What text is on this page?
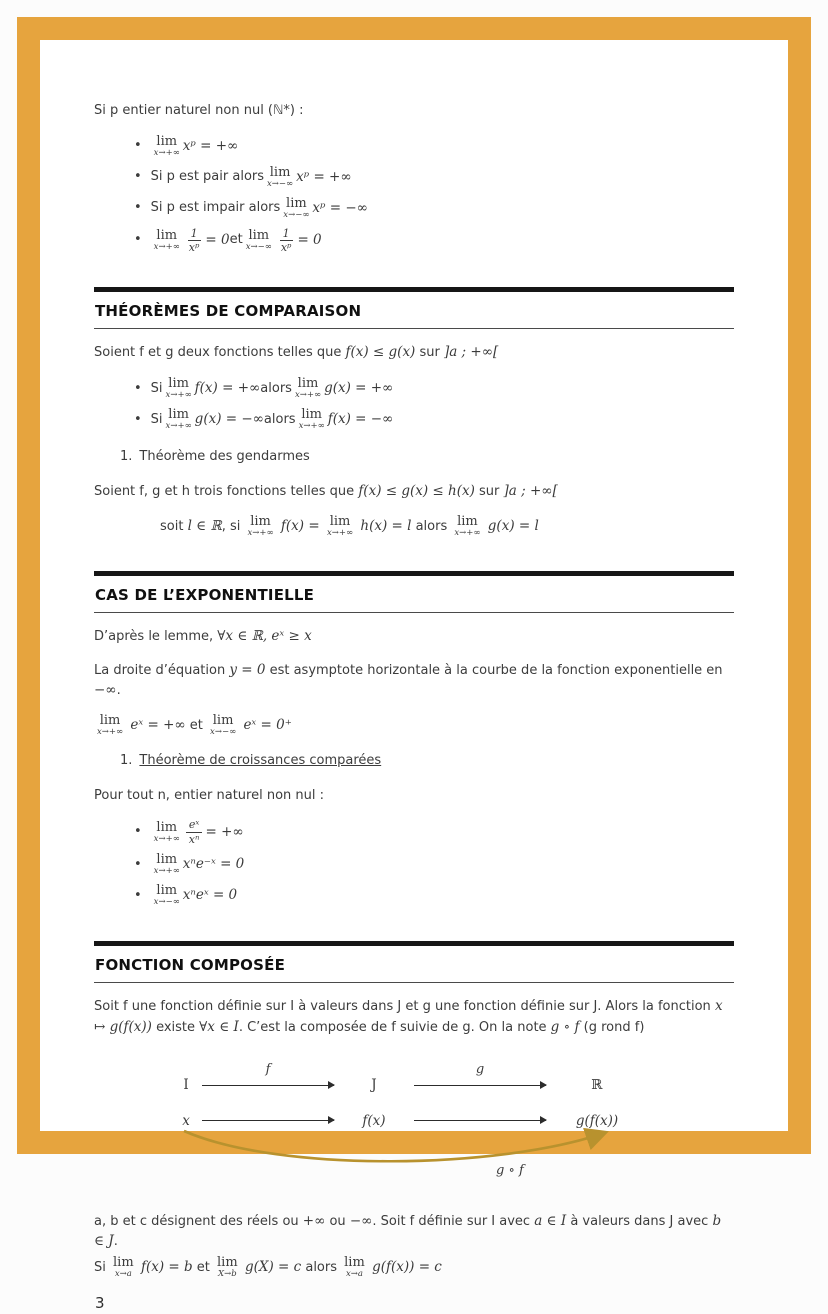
Si p entier naturel non nul (ℕ*) :

• lim
x→+∞ xᵖ = +∞
• Si p est pair alors lim
x→−∞ xᵖ = +∞
• Si p est impair alors lim
x→−∞ xᵖ = −∞
• lim
$x\to+\infty \frac{1}{\text{xᵖ}} = 0$ et lim
$x\to-\infty \frac{1}{\text{xᵖ}} = 0$
THÉORÈMES DE COMPARAISON

Soient f et g deux fonctions telles que f(x) ≤ g(x) sur ]a ; +∞[

• Si lim
x→+∞ f(x) = +∞ alors lim
x→+∞ g(x) = +∞
• Si lim
x→+∞ g(x) = −∞ alors lim
x→+∞ f(x) = −∞
1. Théorème des gendarmes

Soient f, g et h trois fonctions telles que f(x) ≤ g(x) ≤ h(x) sur ]a ; +∞[

soit l ∈ ℝ, si lim
x→+∞ f(x) = lim
x→+∞ h(x) = l alors lim
x→+∞ g(x) = l

CAS DE L’EXPONENTIELLE

D’après le lemme, ∀x ∈ ℝ, eˣ ≥ x

La droite d’équation y = 0 est asymptote horizontale à la courbe de la fonction exponentielle en −∞.

lim
x→+∞ eˣ = +∞ et lim
x→−∞ eˣ = 0⁺

1. Théorème de croissances comparées

Pour tout n, entier naturel non nul :

• lim
$x\to+\infty \frac{\text{eˣ}}{\text{xⁿ}}$ = +∞
• lim
x→+∞ xⁿe⁻ˣ = 0
• lim
x→−∞ xⁿeˣ = 0
FONCTION COMPOSÉE

Soit f une fonction définie sur I à valeurs dans J et g une fonction définie sur J. Alors la fonction x ↦ g(f(x)) existe ∀x ∈ I. C’est la composée de f suivie de g. On la note g ∘ f (g rond f)

I
f
J
g
ℝ
x	f(x)	g(f(x))
g ∘ f

a, b et c désignent des réels ou +∞ ou −∞. Soit f définie sur I avec a ∈ I à valeurs dans J avec b ∈ J.

Si lim
x→a f(x) = b et lim
X→b g(X) = c alors lim
x→a g(f(x)) = c

3
